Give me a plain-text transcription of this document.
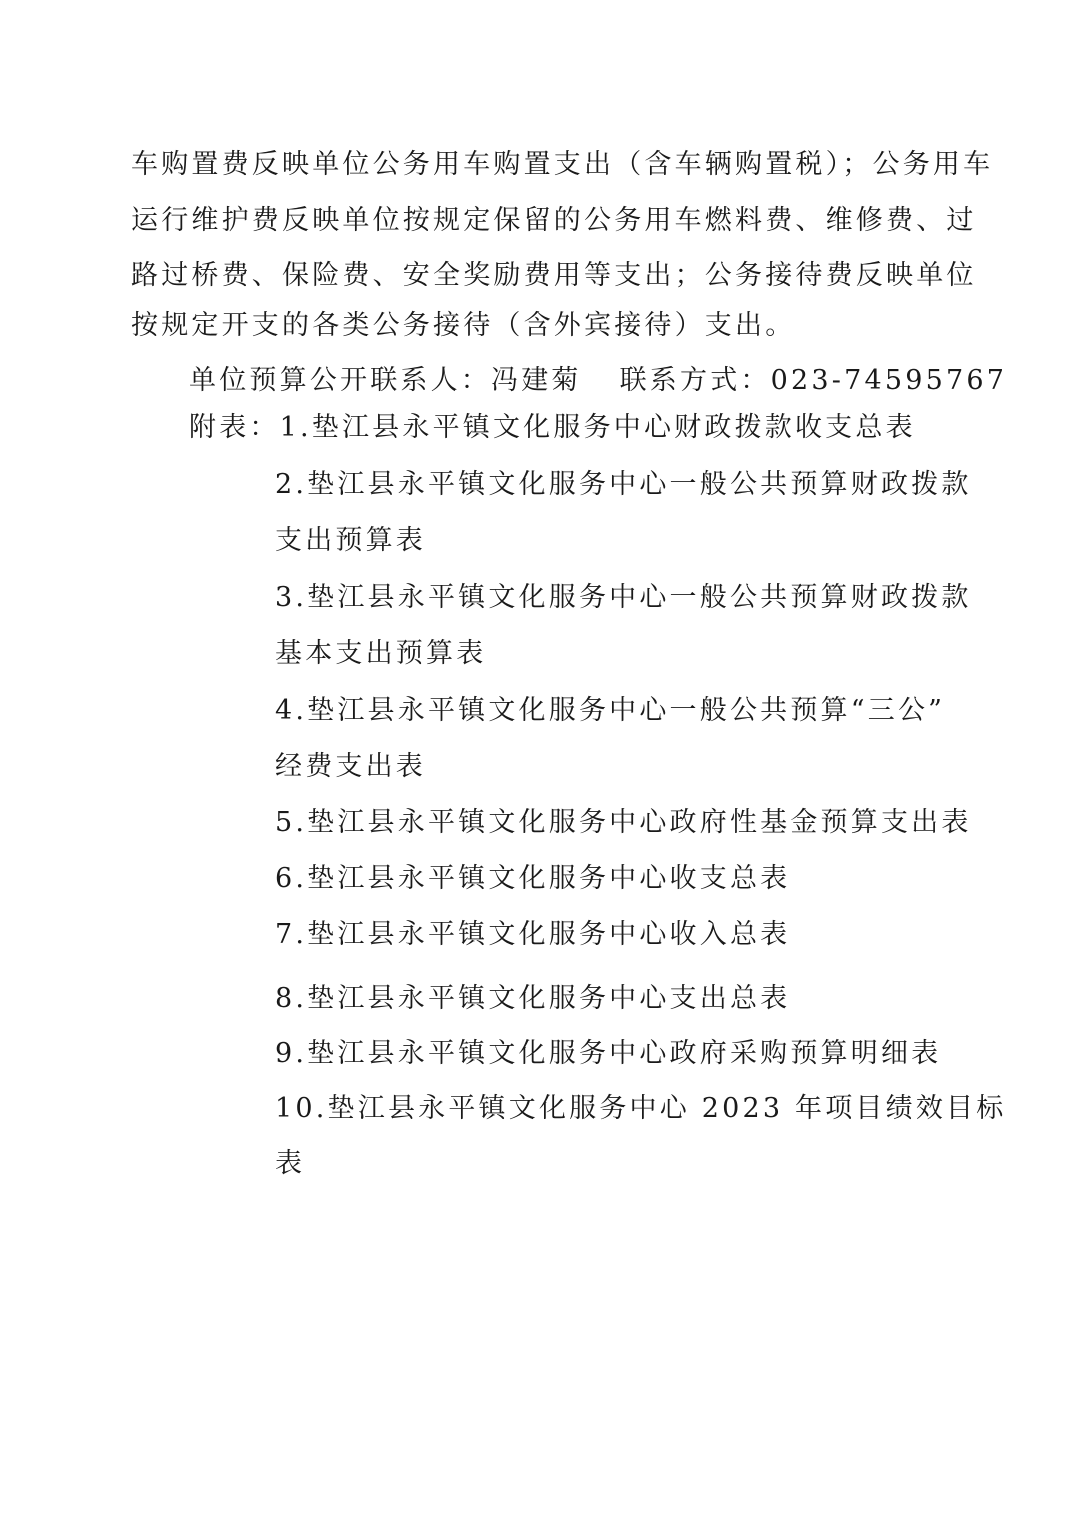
车购置费反映单位公务用车购置支出（含车辆购置税）；公务用车
运行维护费反映单位按规定保留的公务用车燃料费、维修费、过
路过桥费、保险费、安全奖励费用等支出；公务接待费反映单位
按规定开支的各类公务接待（含外宾接待）支出。
单位预算公开联系人：冯建菊 联系方式：023-74595767
附表：1.垫江县永平镇文化服务中心财政拨款收支总表
2.垫江县永平镇文化服务中心一般公共预算财政拨款
支出预算表
3.垫江县永平镇文化服务中心一般公共预算财政拨款
基本支出预算表
4.垫江县永平镇文化服务中心一般公共预算“三公”
经费支出表
5.垫江县永平镇文化服务中心政府性基金预算支出表
6.垫江县永平镇文化服务中心收支总表
7.垫江县永平镇文化服务中心收入总表
8.垫江县永平镇文化服务中心支出总表
9.垫江县永平镇文化服务中心政府采购预算明细表
10.垫江县永平镇文化服务中心 2023 年项目绩效目标
表
